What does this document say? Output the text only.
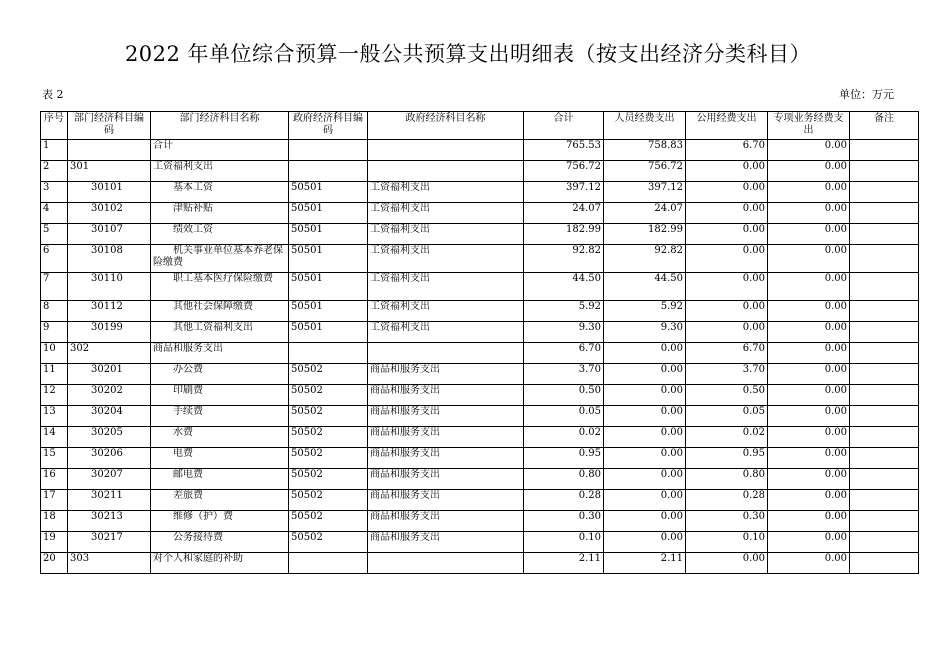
2022 年单位综合预算一般公共预算支出明细表（按支出经济分类科目）
表 2	单位：万元
序号	部门经济科目编码	部门经济科目名称	政府经济科目编码	政府经济科目名称	合计	人员经费支出	公用经费支出	专项业务经费支出	备注
1		合计			765.53	758.83	6.70	0.00	
2	301	工资福利支出			756.72	756.72	0.00	0.00	
3	30101	基本工资	50501	工资福利支出	397.12	397.12	0.00	0.00	
4	30102	津贴补贴	50501	工资福利支出	24.07	24.07	0.00	0.00	
5	30107	绩效工资	50501	工资福利支出	182.99	182.99	0.00	0.00	
6	30108	机关事业单位基本养老保险缴费	50501	工资福利支出	92.82	92.82	0.00	0.00	
7	30110	职工基本医疗保险缴费	50501	工资福利支出	44.50	44.50	0.00	0.00	
8	30112	其他社会保障缴费	50501	工资福利支出	5.92	5.92	0.00	0.00	
9	30199	其他工资福利支出	50501	工资福利支出	9.30	9.30	0.00	0.00	
10	302	商品和服务支出			6.70	0.00	6.70	0.00	
11	30201	办公费	50502	商品和服务支出	3.70	0.00	3.70	0.00	
12	30202	印刷费	50502	商品和服务支出	0.50	0.00	0.50	0.00	
13	30204	手续费	50502	商品和服务支出	0.05	0.00	0.05	0.00	
14	30205	水费	50502	商品和服务支出	0.02	0.00	0.02	0.00	
15	30206	电费	50502	商品和服务支出	0.95	0.00	0.95	0.00	
16	30207	邮电费	50502	商品和服务支出	0.80	0.00	0.80	0.00	
17	30211	差旅费	50502	商品和服务支出	0.28	0.00	0.28	0.00	
18	30213	维修（护）费	50502	商品和服务支出	0.30	0.00	0.30	0.00	
19	30217	公务接待费	50502	商品和服务支出	0.10	0.00	0.10	0.00	
20	303	对个人和家庭的补助			2.11	2.11	0.00	0.00	
